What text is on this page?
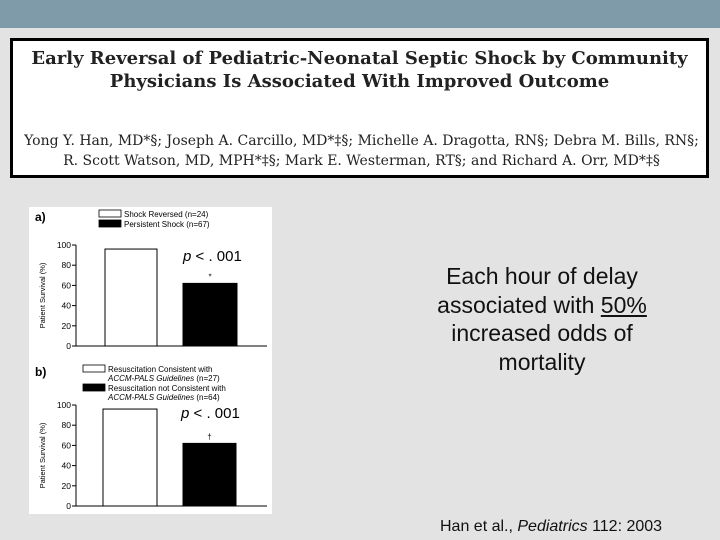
Early Reversal of Pediatric-Neonatal Septic Shock by Community
Physicians Is Associated With Improved Outcome
Yong Y. Han, MD*§; Joseph A. Carcillo, MD*‡§; Michelle A. Dragotta, RN§; Debra M. Bills, RN§;
R. Scott Watson, MD, MPH*‡§; Mark E. Westerman, RT§; and Richard A. Orr, MD*‡§
a)	Shock Reversed (n=24)
Persistent Shock (n=67)
Patient Survival (%)
0
20
40
60
80
100
*
b)	Resuscitation Consistent with
ACCM-PALS Guidelines (n=27)
Resuscitation not Consistent with
ACCM-PALS Guidelines (n=64)
Patient Survival (%)
0
20
40
60
80
100
†
p < . 001
p < . 001
Each hour of delay
associated with 50%
increased odds of
mortality
Han et al., Pediatrics 112: 2003
